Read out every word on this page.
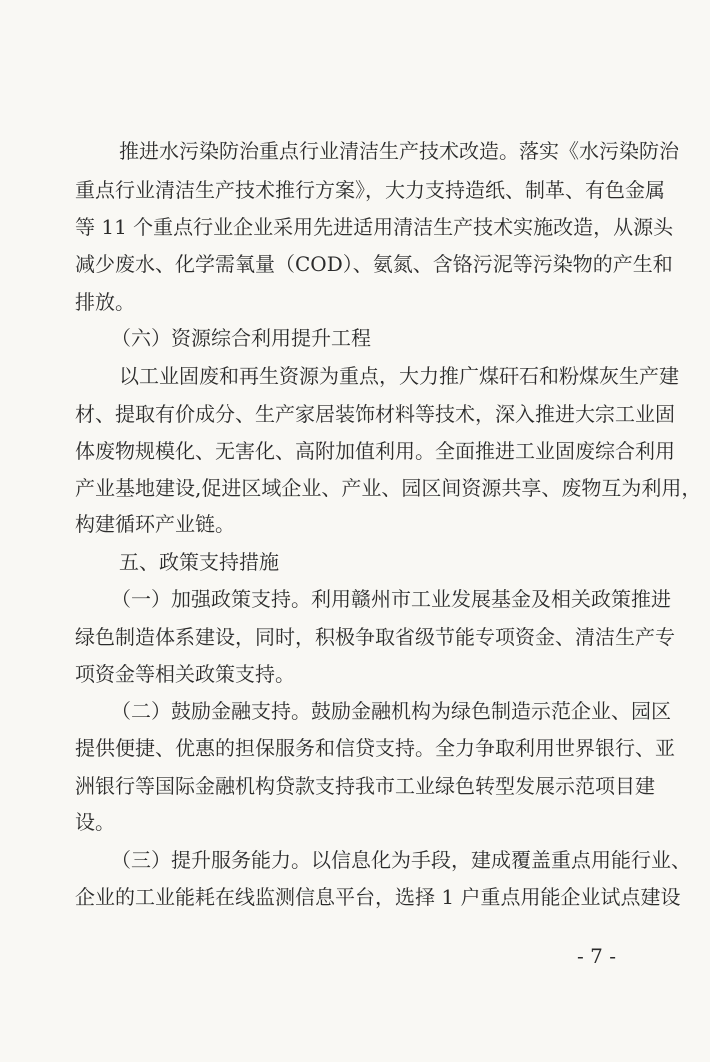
推进水污染防治重点行业清洁生产技术改造。落实《水污染防治
重点行业清洁生产技术推行方案》，大力支持造纸、制革、有色金属
等 11 个重点行业企业采用先进适用清洁生产技术实施改造，从源头
减少废水、化学需氧量（COD）、氨氮、含铬污泥等污染物的产生和
排放。
（六）资源综合利用提升工程
以工业固废和再生资源为重点，大力推广煤矸石和粉煤灰生产建
材、提取有价成分、生产家居装饰材料等技术，深入推进大宗工业固
体废物规模化、无害化、高附加值利用。全面推进工业固废综合利用
产业基地建设,促进区域企业、产业、园区间资源共享、废物互为利用，
构建循环产业链。
五、政策支持措施
（一）加强政策支持。利用赣州市工业发展基金及相关政策推进
绿色制造体系建设，同时，积极争取省级节能专项资金、清洁生产专
项资金等相关政策支持。
（二）鼓励金融支持。鼓励金融机构为绿色制造示范企业、园区
提供便捷、优惠的担保服务和信贷支持。全力争取利用世界银行、亚
洲银行等国际金融机构贷款支持我市工业绿色转型发展示范项目建
设。
（三）提升服务能力。以信息化为手段，建成覆盖重点用能行业、
企业的工业能耗在线监测信息平台，选择 1 户重点用能企业试点建设
- 7 -
